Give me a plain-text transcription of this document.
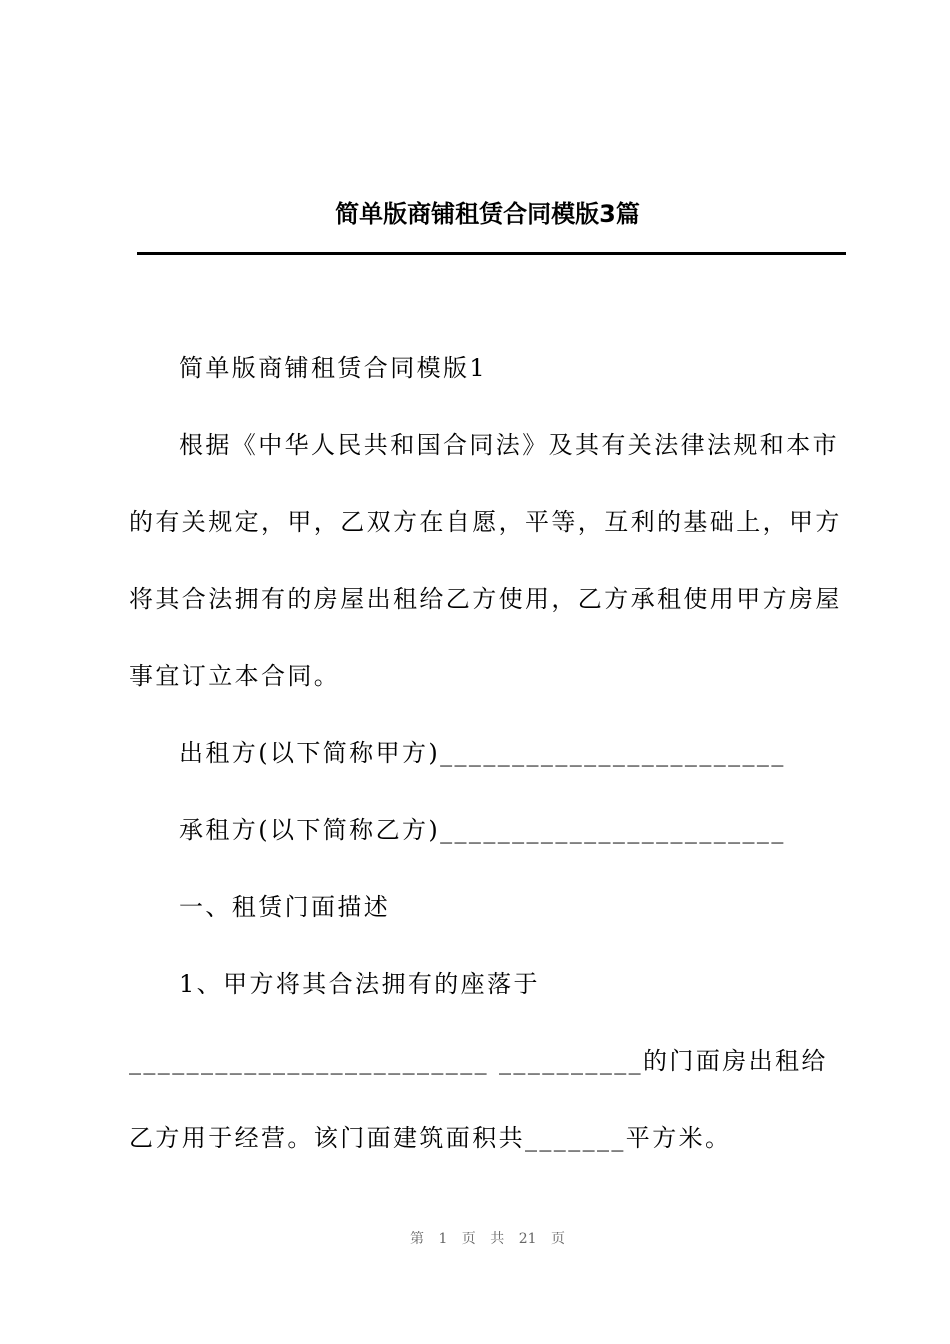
简单版商铺租赁合同模版3篇

简单版商铺租赁合同模版1

根据《中华人民共和国合同法》及其有关法律法规和本市的有关规定，甲，乙双方在自愿，平等，互利的基础上，甲方将其合法拥有的房屋出租给乙方使用，乙方承租使用甲方房屋事宜订立本合同。

出租方(以下简称甲方)________________________

承租方(以下简称乙方)________________________

一、租赁门面描述

1、甲方将其合法拥有的座落于_________________________ __________的门面房出租给乙方用于经营。该门面建筑面积共_______平方米。

第 1 页 共 21 页
